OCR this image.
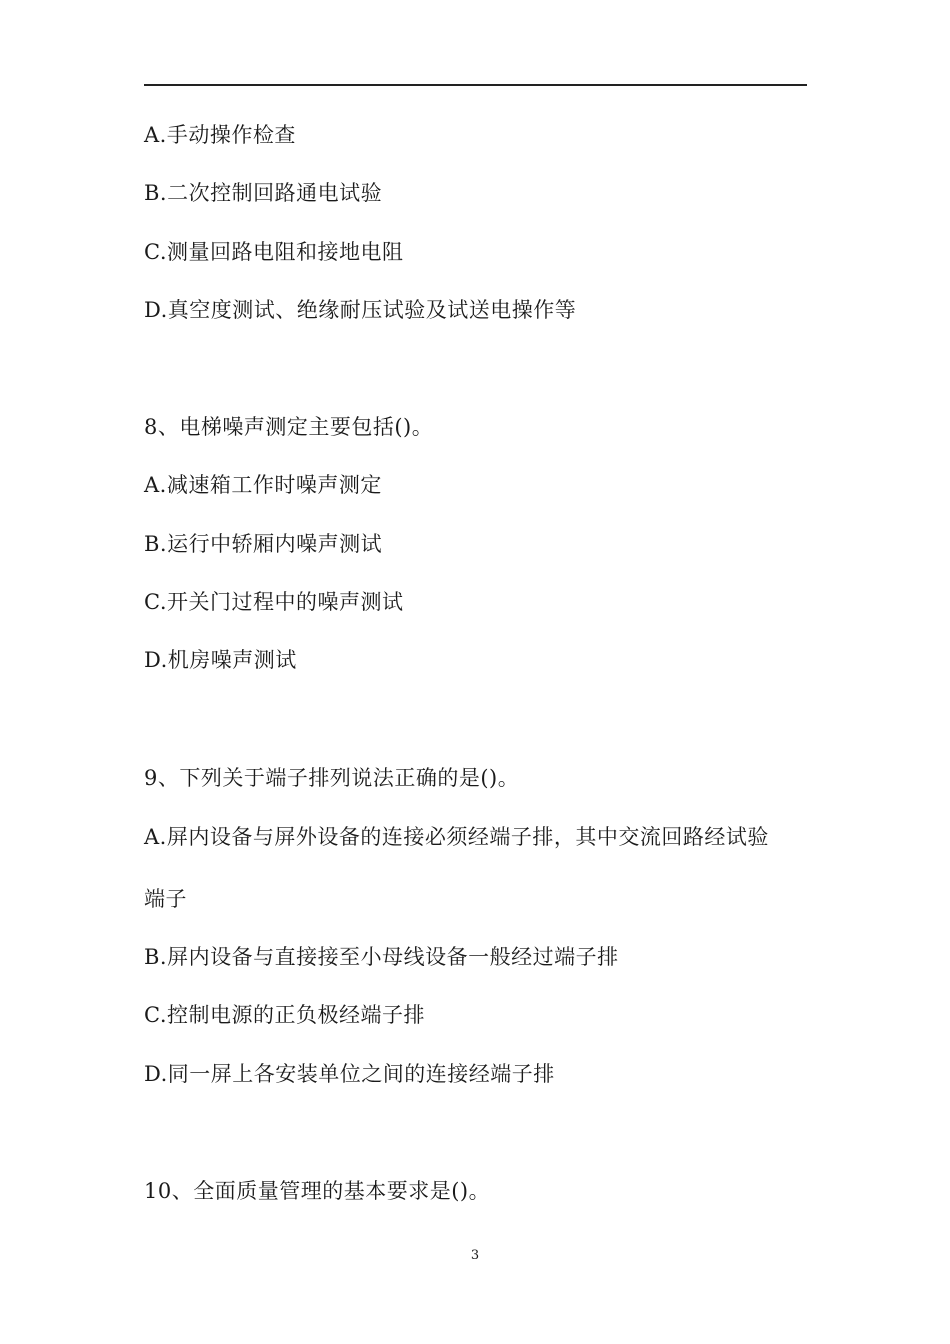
A.手动操作检查
B.二次控制回路通电试验
C.测量回路电阻和接地电阻
D.真空度测试、绝缘耐压试验及试送电操作等
8、电梯噪声测定主要包括()。
A.减速箱工作时噪声测定
B.运行中轿厢内噪声测试
C.开关门过程中的噪声测试
D.机房噪声测试
9、下列关于端子排列说法正确的是()。
A.屏内设备与屏外设备的连接必须经端子排，其中交流回路经试验
端子
B.屏内设备与直接接至小母线设备一般经过端子排
C.控制电源的正负极经端子排
D.同一屏上各安装单位之间的连接经端子排
10、全面质量管理的基本要求是()。
3
